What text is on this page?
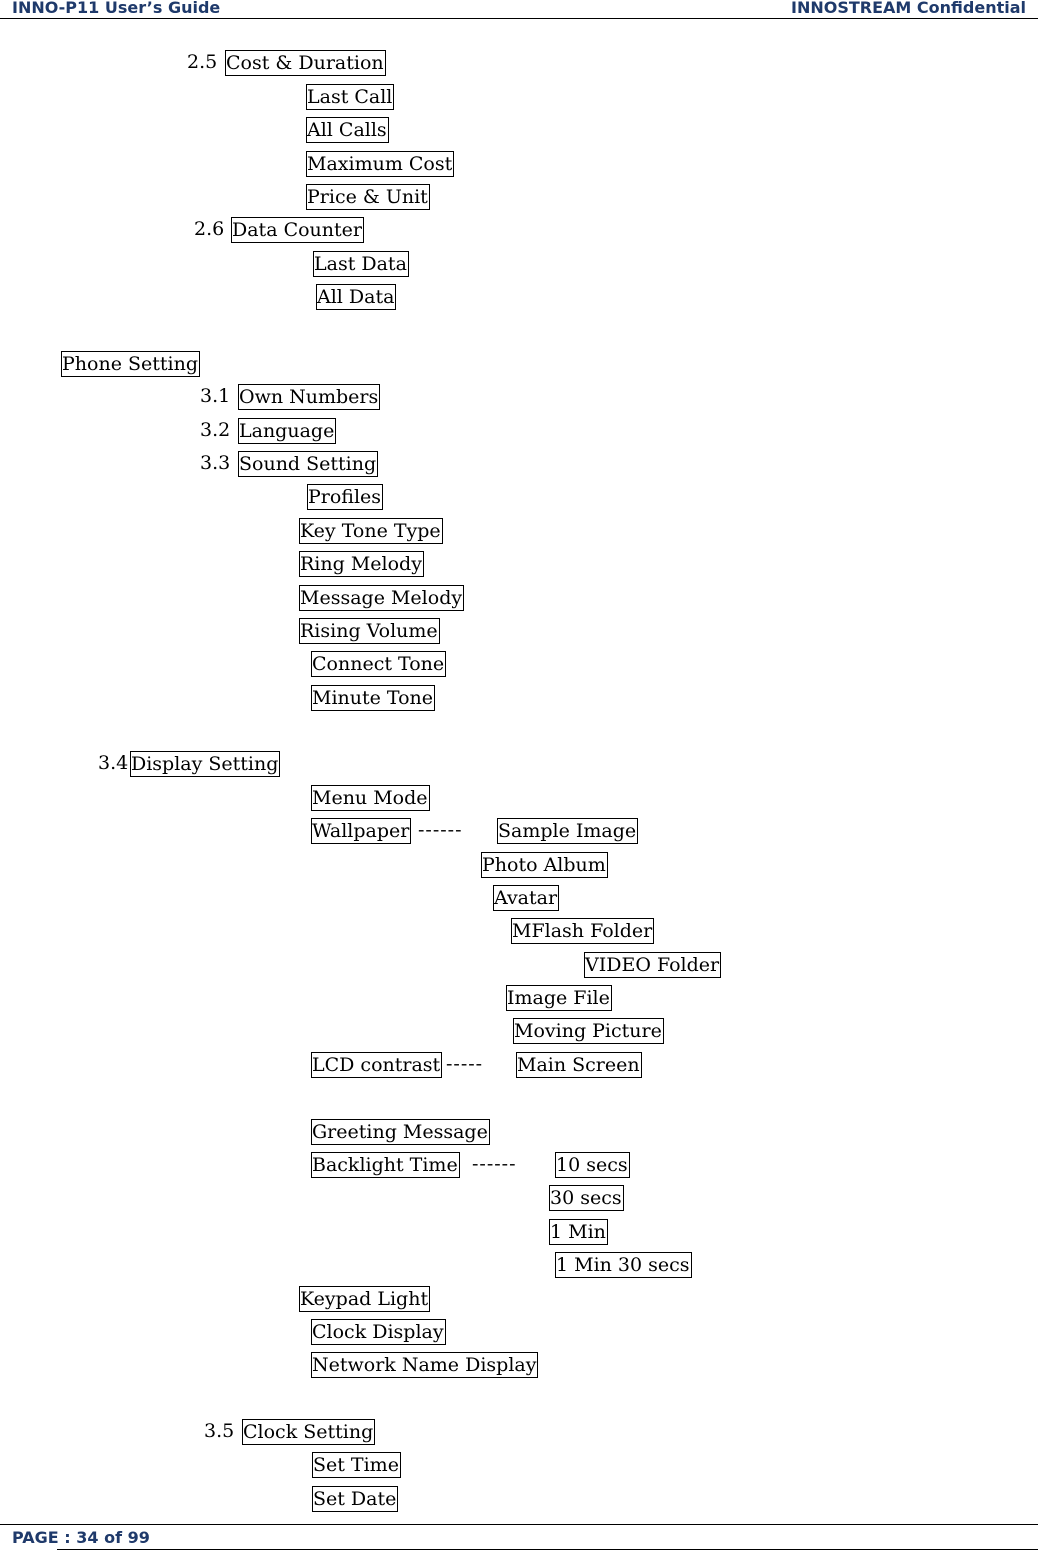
INNO-P11 User’s Guide	INNOSTREAM Confidential
2.5 Cost & Duration
Last Call
All Calls
Maximum Cost
Price & Unit
2.6 Data Counter
Last Data
All Data
Phone Setting
3.1 Own Numbers
3.2 Language
3.3 Sound Setting
Profiles
Key Tone Type
Ring Melody
Message Melody
Rising Volume
Connect Tone
Minute Tone
3.4 Display Setting
Menu Mode
Wallpaper ------ Sample Image
Photo Album
Avatar
MFlash Folder
VIDEO Folder
Image File
Moving Picture
LCD contrast ----- Main Screen
Greeting Message
Backlight Time ------ 10 secs
30 secs
1 Min
1 Min 30 secs
Keypad Light
Clock Display
Network Name Display
3.5 Clock Setting
Set Time
Set Date
PAGE : 34 of 99
